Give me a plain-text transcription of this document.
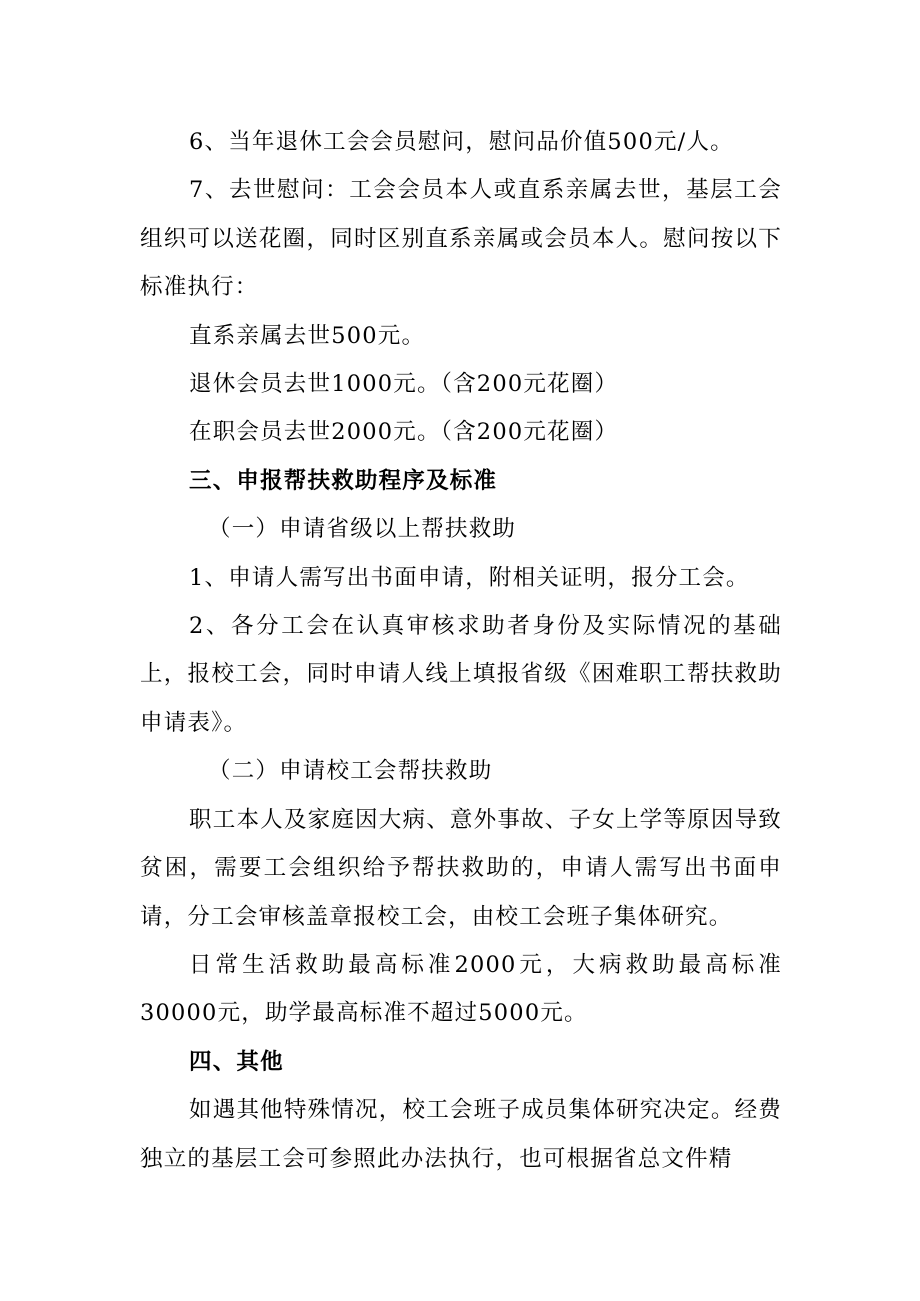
6、当年退休工会会员慰问，慰问品价值500元/人。

7、去世慰问：工会会员本人或直系亲属去世，基层工会组织可以送花圈，同时区别直系亲属或会员本人。慰问按以下标准执行：

直系亲属去世500元。

退休会员去世1000元。（含200元花圈）

在职会员去世2000元。（含200元花圈）

三、申报帮扶救助程序及标准

（一）申请省级以上帮扶救助

1、申请人需写出书面申请，附相关证明，报分工会。

2、各分工会在认真审核求助者身份及实际情况的基础上，报校工会，同时申请人线上填报省级《困难职工帮扶救助申请表》。

（二）申请校工会帮扶救助

职工本人及家庭因大病、意外事故、子女上学等原因导致贫困，需要工会组织给予帮扶救助的，申请人需写出书面申请，分工会审核盖章报校工会，由校工会班子集体研究。

日常生活救助最高标准2000元，大病救助最高标准30000元，助学最高标准不超过5000元。

四、其他

如遇其他特殊情况，校工会班子成员集体研究决定。经费独立的基层工会可参照此办法执行，也可根据省总文件精
